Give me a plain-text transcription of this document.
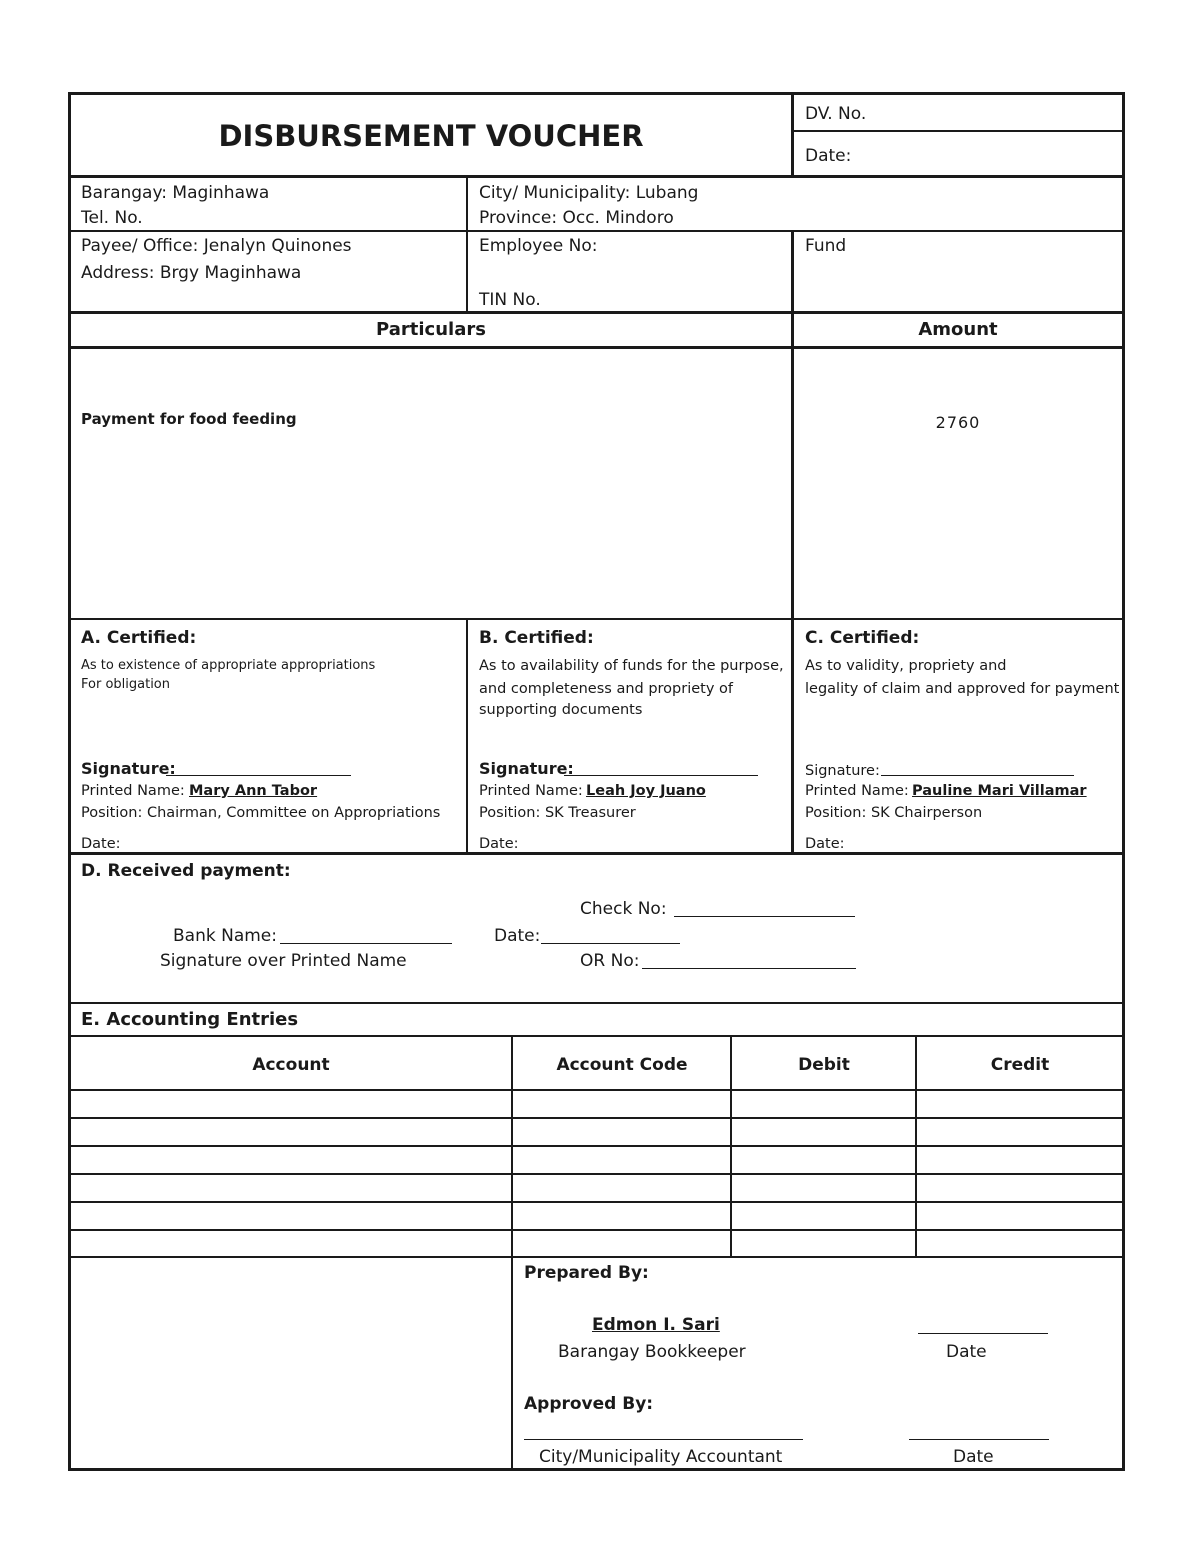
DISBURSEMENT VOUCHER
DV. No.
Date:
Barangay: Maginhawa
Tel. No.
City/ Municipality: Lubang
Province: Occ. Mindoro
Payee/ Office: Jenalyn Quinones
Address: Brgy Maginhawa
Employee No:
TIN No.
Fund
Particulars	Amount
Payment for food feeding	2760
A. Certified:
As to existence of appropriate appropriations
For obligation
Signature:
Printed Name: Mary Ann Tabor
Position: Chairman, Committee on Appropriations
Date:
B. Certified:
As to availability of funds for the purpose,
and completeness and propriety of
supporting documents
Signature:
Printed Name: Leah Joy Juano
Position: SK Treasurer
Date:
C. Certified:
As to validity, propriety and
legality of claim and approved for payment
Signature:
Printed Name: Pauline Mari Villamar
Position: SK Chairperson
Date:
D. Received payment:
Check No:
Bank Name:	Date:
Signature over Printed Name	OR No:
E. Accounting Entries
Account	Account Code	Debit	Credit
Prepared By:
Edmon I. Sari
Barangay Bookkeeper	Date
Approved By:
City/Municipality Accountant	Date
